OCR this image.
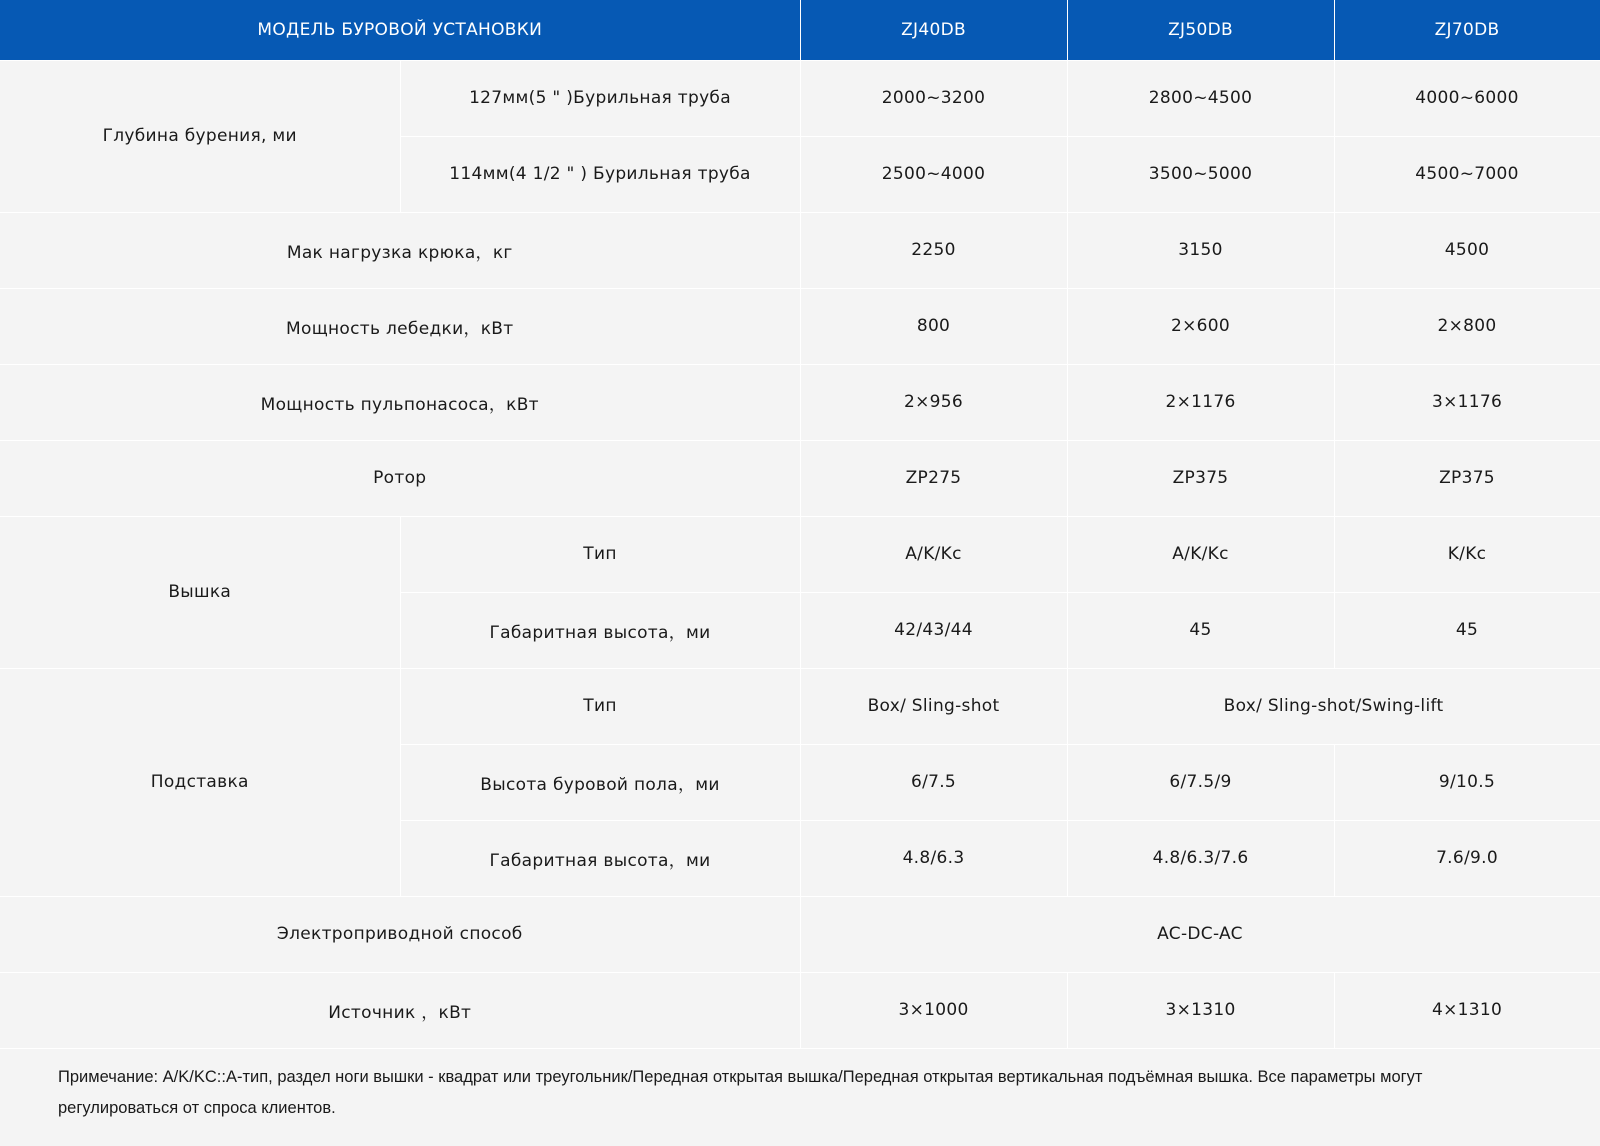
МОДЕЛЬ БУРОВОЙ УСТАНОВКИ		ZJ40DB	ZJ50DB	ZJ70DB
Глубина бурения, ми	127мм(5 " )Бурильная труба	2000~3200	2800~4500	4000~6000
	114мм(4 1/2 " ) Бурильная труба	2500~4000	3500~5000	4500~7000
Мак нагрузка крюка，кг		2250	3150	4500
Мощность лебедки，кВт		800	2×600	2×800
Мощность пульпонасоса，кВт		2×956	2×1176	3×1176
Ротор		ZP275	ZP375	ZP375
Вышка	Тип	A/K/Kc	A/K/Kc	K/Kc
	Габаритная высота，ми	42/43/44	45	45
Подставка	Тип	Box/ Sling-shot	Box/ Sling-shot/Swing-lift	
	Высота буровой пола，ми	6/7.5	6/7.5/9	9/10.5
	Габаритная высота，ми	4.8/6.3	4.8/6.3/7.6	7.6/9.0
Электроприводной способ		AC-DC-AC		
Источник ，кВт		3×1000	3×1310	4×1310
Примечание: A/K/KC::A-тип, раздел ноги вышки - квадрат или треугольник/Передная открытая вышка/Передная открытая вертикальная подъёмная вышка. Все параметры могут регулироваться от спроса клиентов.
